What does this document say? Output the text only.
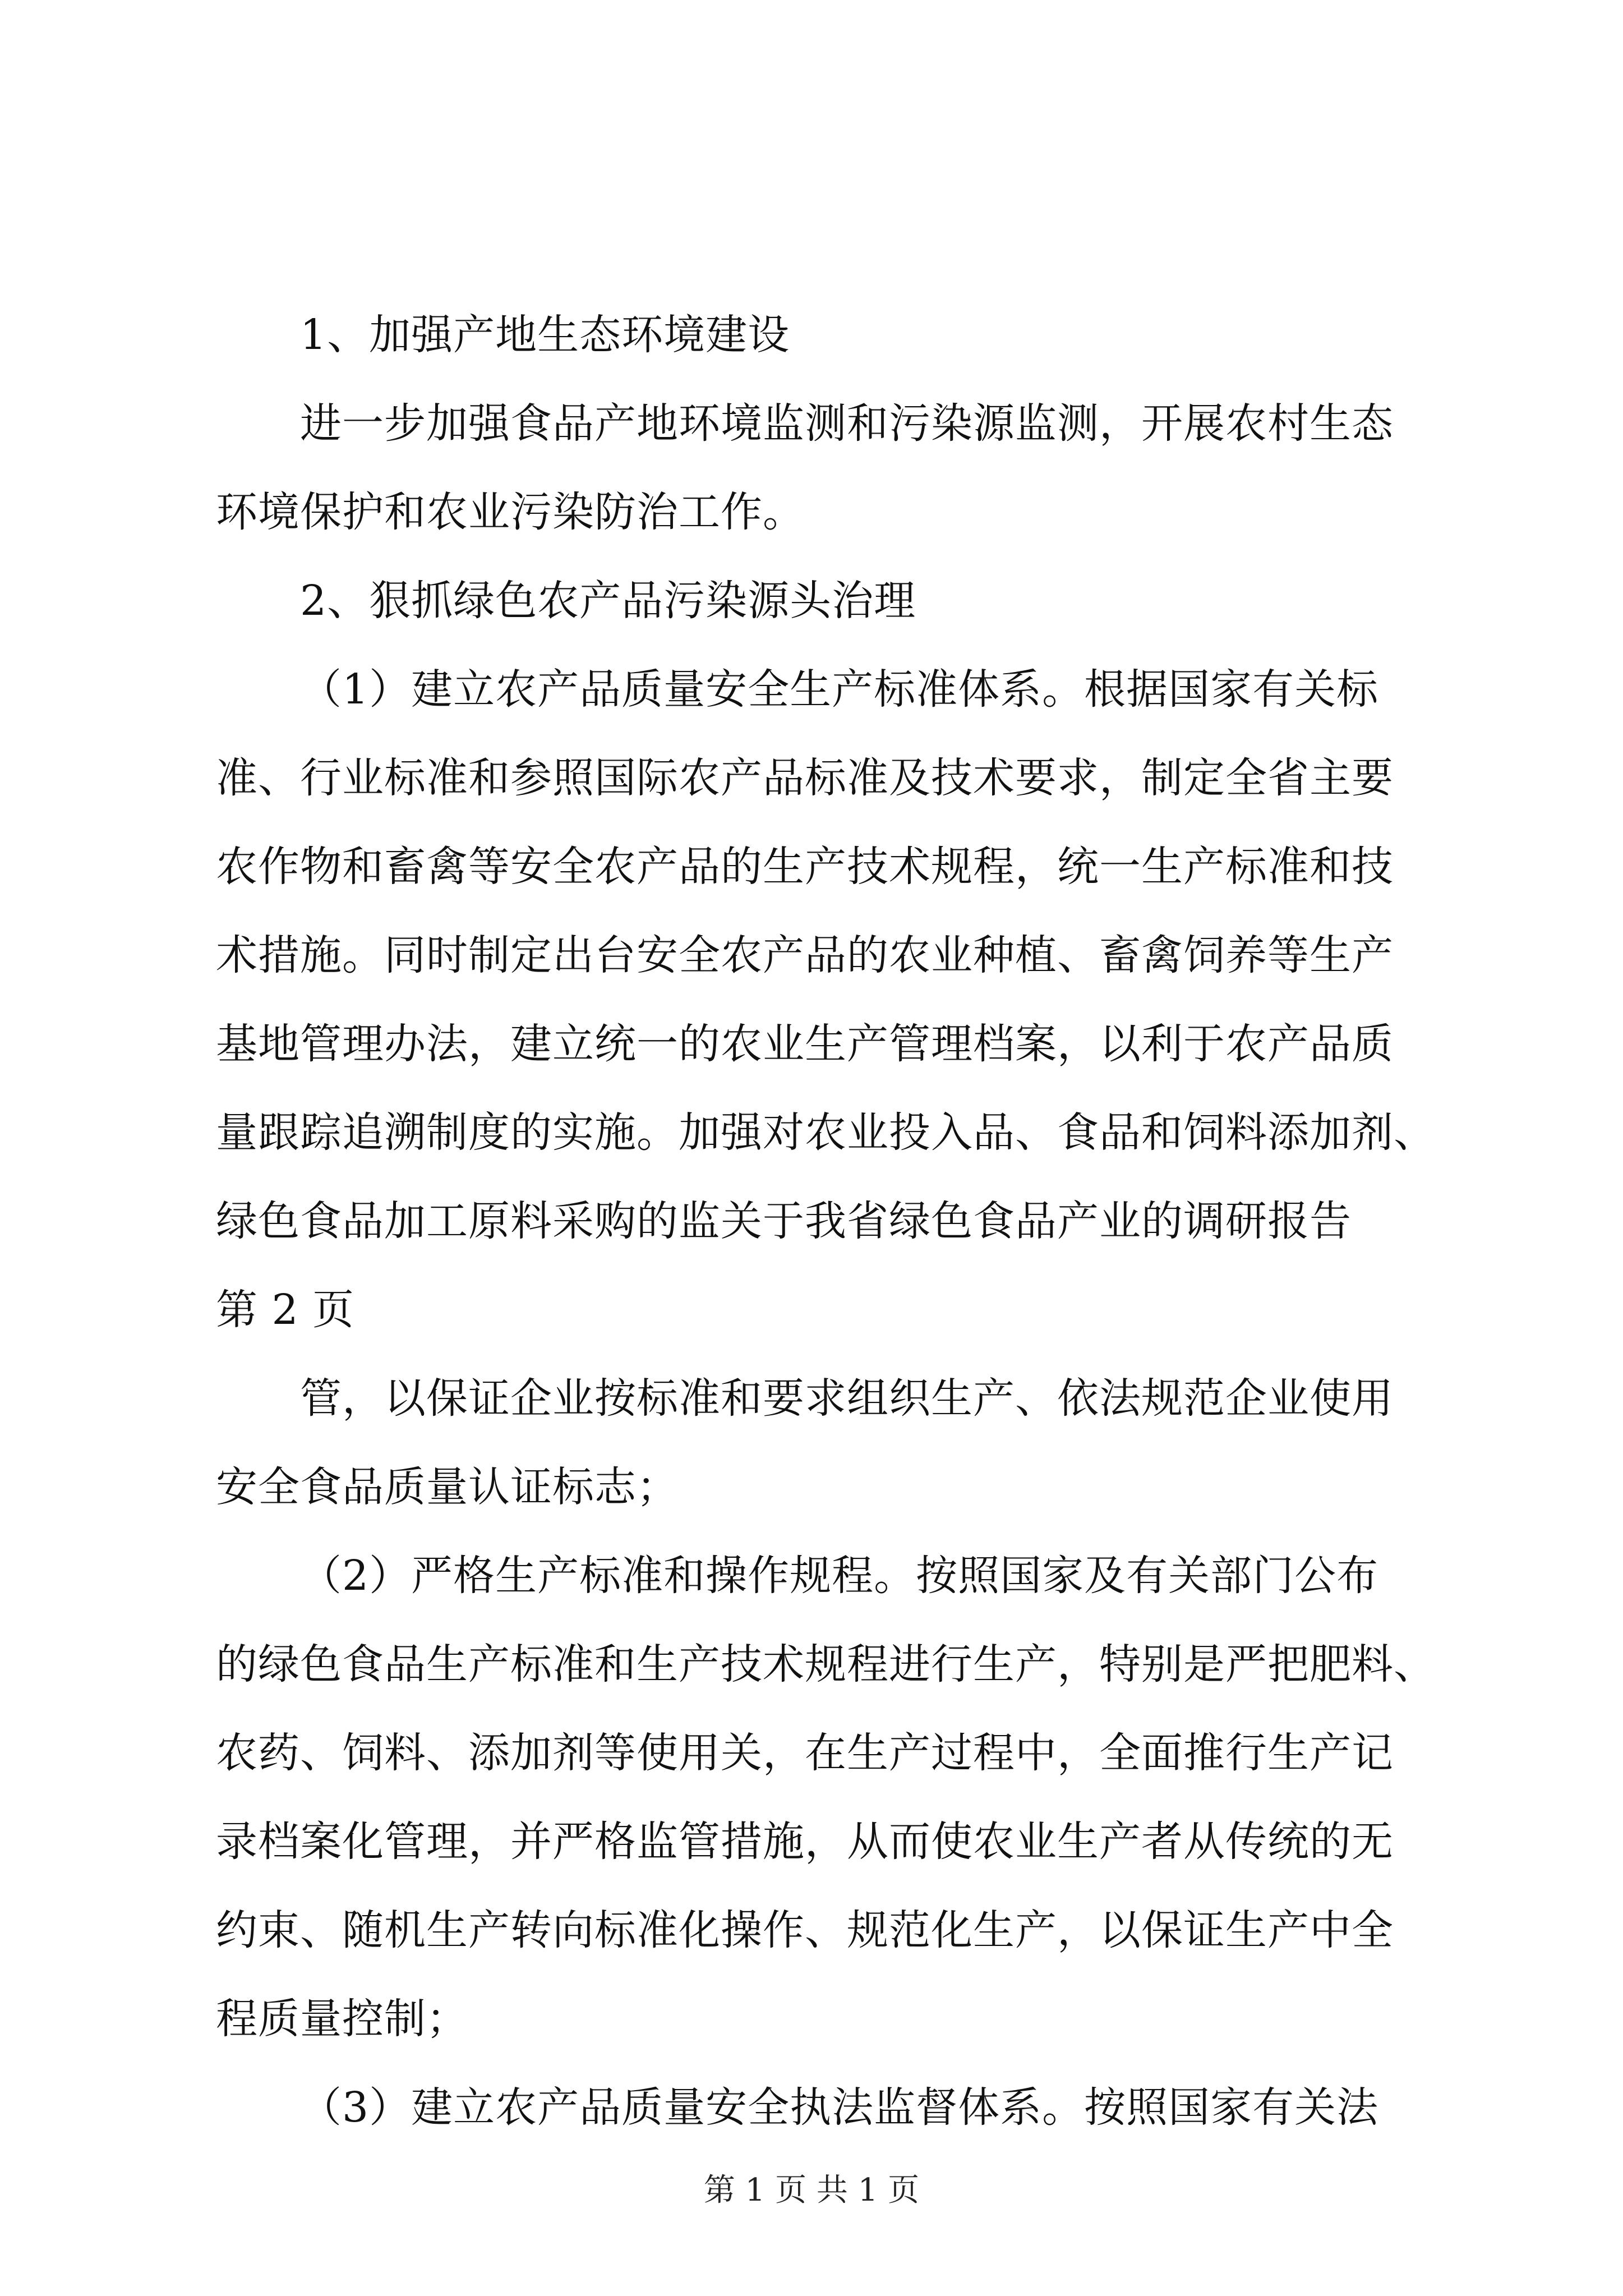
1、加强产地生态环境建设
进一步加强食品产地环境监测和污染源监测，开展农村生态
环境保护和农业污染防治工作。
2、狠抓绿色农产品污染源头治理
（1）建立农产品质量安全生产标准体系。根据国家有关标
准、行业标准和参照国际农产品标准及技术要求，制定全省主要
农作物和畜禽等安全农产品的生产技术规程，统一生产标准和技
术措施。同时制定出台安全农产品的农业种植、畜禽饲养等生产
基地管理办法，建立统一的农业生产管理档案，以利于农产品质
量跟踪追溯制度的实施。加强对农业投入品、食品和饲料添加剂、
绿色食品加工原料采购的监关于我省绿色食品产业的调研报告
第 2 页
管，以保证企业按标准和要求组织生产、依法规范企业使用
安全食品质量认证标志；
（2）严格生产标准和操作规程。按照国家及有关部门公布
的绿色食品生产标准和生产技术规程进行生产，特别是严把肥料、
农药、饲料、添加剂等使用关，在生产过程中，全面推行生产记
录档案化管理，并严格监管措施，从而使农业生产者从传统的无
约束、随机生产转向标准化操作、规范化生产，以保证生产中全
程质量控制；
（3）建立农产品质量安全执法监督体系。按照国家有关法
第 1 页 共 1 页
